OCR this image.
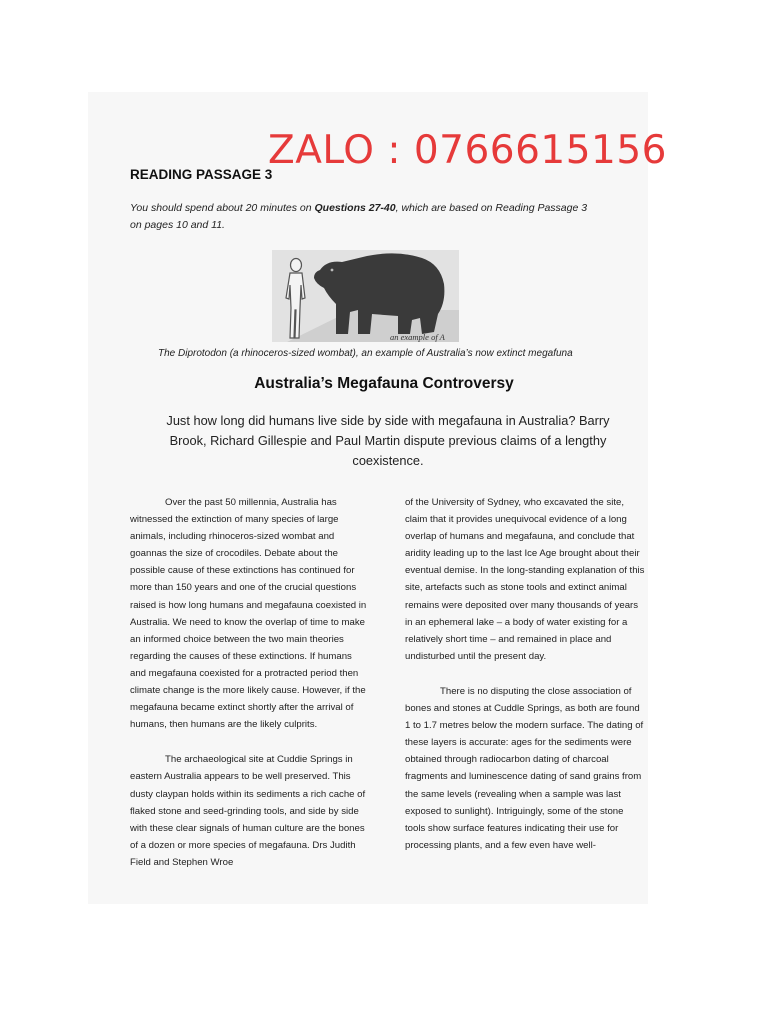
ZALO : 0766615156
READING PASSAGE 3
You should spend about 20 minutes on Questions 27-40, which are based on Reading Passage 3 on pages 10 and 11.
an example of A
The Diprotodon (a rhinoceros-sized wombat), an example of Australia’s now extinct megafuna
Australia’s Megafauna Controversy
Just how long did humans live side by side with megafauna in Australia? Barry Brook, Richard Gillespie and Paul Martin dispute previous claims of a lengthy coexistence.

Over the past 50 millennia, Australia has witnessed the extinction of many species of large animals, including rhinoceros-sized wombat and goannas the size of crocodiles. Debate about the possible cause of these extinctions has continued for more than 150 years and one of the crucial questions raised is how long humans and megafauna coexisted in Australia. We need to know the overlap of time to make an informed choice between the two main theories regarding the causes of these extinctions. If humans and megafauna coexisted for a protracted period then climate change is the more likely cause. However, if the megafauna became extinct shortly after the arrival of humans, then humans are the likely culprits.

The archaeological site at Cuddie Springs in eastern Australia appears to be well preserved. This dusty claypan holds within its sediments a rich cache of flaked stone and seed-grinding tools, and side by side with these clear signals of human culture are the bones of a dozen or more species of megafauna. Drs Judith Field and Stephen Wroe

of the University of Sydney, who excavated the site, claim that it provides unequivocal evidence of a long overlap of humans and megafauna, and conclude that aridity leading up to the last Ice Age brought about their eventual demise. In the long-standing explanation of this site, artefacts such as stone tools and extinct animal remains were deposited over many thousands of years in an ephemeral lake – a body of water existing for a relatively short time – and remained in place and undisturbed until the present day.

There is no disputing the close association of bones and stones at Cuddle Springs, as both are found 1 to 1.7 metres below the modern surface. The dating of these layers is accurate: ages for the sediments were obtained through radiocarbon dating of charcoal fragments and luminescence dating of sand grains from the same levels (revealing when a sample was last exposed to sunlight). Intriguingly, some of the stone tools show surface features indicating their use for processing plants, and a few even have well-
